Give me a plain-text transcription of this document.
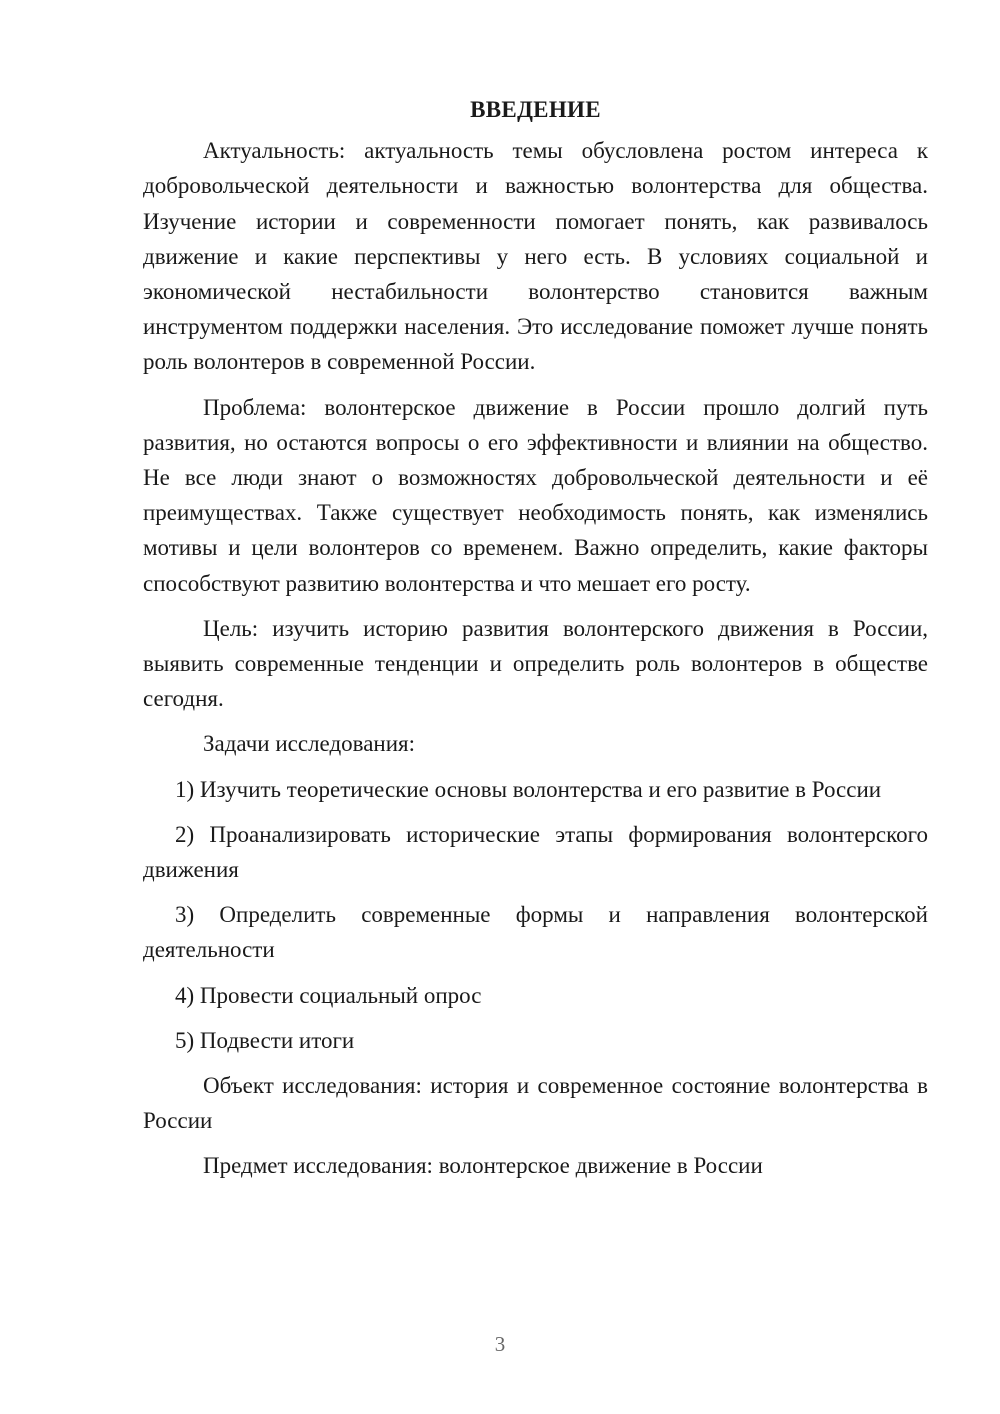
ВВЕДЕНИЕ

Актуальность: актуальность темы обусловлена ростом интереса к добровольческой деятельности и важностью волонтерства для общества. Изучение истории и современности помогает понять, как развивалось движение и какие перспективы у него есть. В условиях социальной и экономической нестабильности волонтерство становится важным инструментом поддержки населения. Это исследование поможет лучше понять роль волонтеров в современной России.

Проблема: волонтерское движение в России прошло долгий путь развития, но остаются вопросы о его эффективности и влиянии на общество. Не все люди знают о возможностях добровольческой деятельности и её преимуществах. Также существует необходимость понять, как изменялись мотивы и цели волонтеров со временем. Важно определить, какие факторы способствуют развитию волонтерства и что мешает его росту.

Цель: изучить историю развития волонтерского движения в России, выявить современные тенденции и определить роль волонтеров в обществе сегодня.

Задачи исследования:

1) Изучить теоретические основы волонтерства и его развитие в России

2) Проанализировать исторические этапы формирования волонтерского движения

3) Определить современные формы и направления волонтерской деятельности

4) Провести социальный опрос

5) Подвести итоги

Объект исследования: история и современное состояние волонтерства в России

Предмет исследования: волонтерское движение в России

3
